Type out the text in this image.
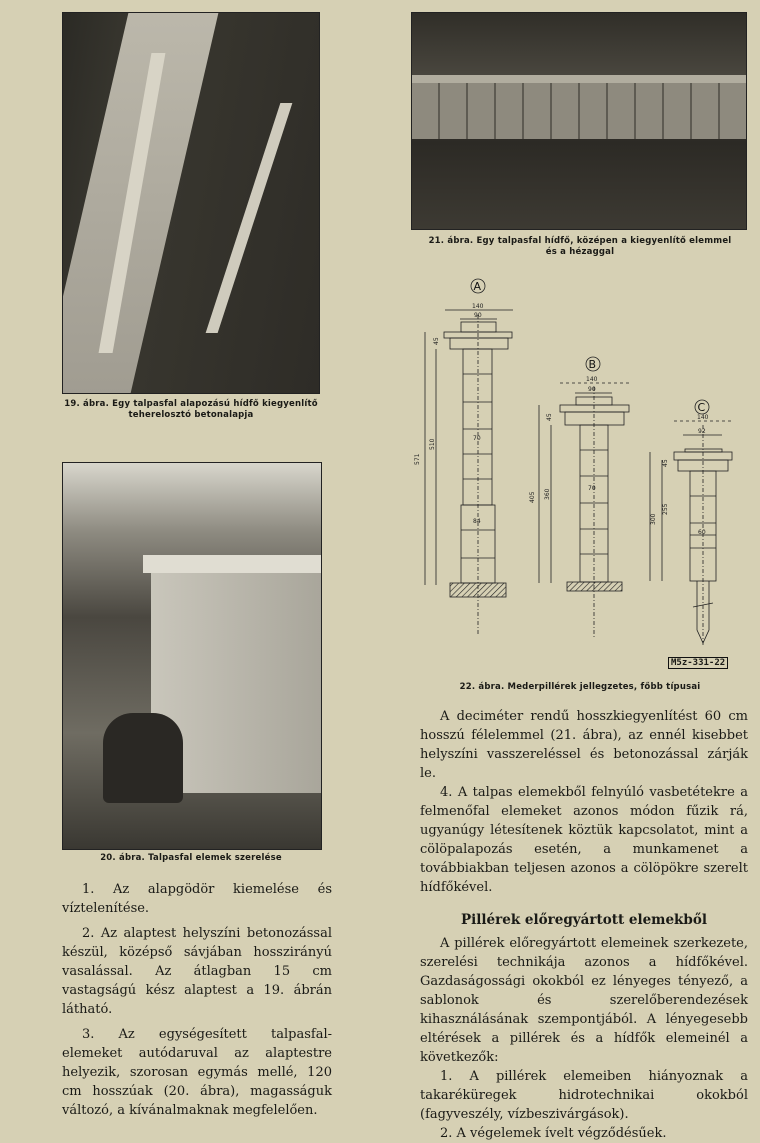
19. ábra. Egy talpasfal alapozású hídfő kiegyenlítő
teherelosztó betonalapja
21. ábra. Egy talpasfal hídfő, középen a kiegyenlítő elemmel
és a hézaggal
20. ábra. Talpasfal elemek szerelése
A
140
90
70
84
571
510
45
B
140
90
70
405 360
45
C
140
92
60
300
255
45
M5z-331-22
22. ábra. Mederpillérek jellegzetes, főbb típusai

1. Az alapgödör kiemelése és víztelenítése.

2. Az alaptest helyszíni betonozással készül, középső sávjában hosszirányú vasalással. Az átlagban 15 cm vastagságú kész alaptest a 19. ábrán látható.

3. Az egységesített talpasfal-elemeket autódaruval az alaptestre helyezik, szorosan egymás mellé, 120 cm hosszúak (20. ábra), magasságuk változó, a kívánalmaknak megfelelően.

A deciméter rendű hosszkiegyenlítést 60 cm hosszú félelemmel (21. ábra), az ennél kisebbet helyszíni vasszereléssel és betonozással zárják le.

4. A talpas elemekből felnyúló vasbetétekre a felmenőfal elemeket azonos módon fűzik rá, ugyanúgy létesítenek köztük kapcsolatot, mint a cölöpalapozás esetén, a munkamenet a továbbiakban teljesen azonos a cölöpökre szerelt hídfőkével.

Pillérek előregyártott elemekből

A pillérek előregyártott elemeinek szerkezete, szerelési technikája azonos a hídfőkével. Gazdaságossági okokból ez lényeges tényező, a sablonok és szerelőberendezések kihasználásának szempontjából. A lényegesebb eltérések a pillérek és a hídfők elemeinél a következők:

1. A pillérek elemeiben hiányoznak a takaréküregek hidrotechnikai okokból (fagyveszély, vízbeszivárgások).

2. A végelemek ívelt végződésűek.
